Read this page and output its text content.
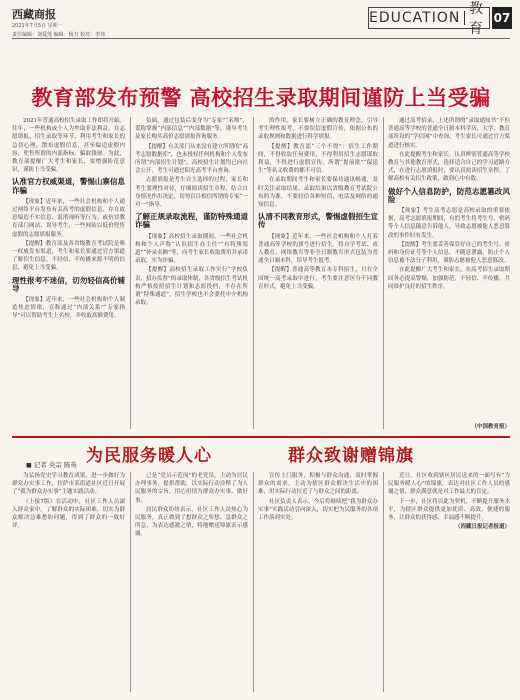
西藏商报
2021年7月5日 星期一
责任编辑：刘爱莲 编辑：杨丑 校对：李伟
EDUCATION
教育
07
教育部发布预警 高校招生录取期间谨防上当受骗

2021年普通高校招生录取工作即将开始。往年，一些机构或个人为牟取非法利益，在志愿填报、招生录取等环节，利用考生和家长的急切心理，散布虚假信息，甚至编造虚假内容，兜售所谓的内部指标，骗取钱财。为此，教育部提醒广大考生和家长，要增强防范意识，谨防上当受骗。

认准官方权威渠道，警惕山寨信息诈骗

【现象】近年来，一些社会机构和个人通过网络平台发布有关高考的虚假信息，存在故意编造不实信息、混淆视听等行为。或仿冒教育部门网站、误导考生，一些网站以低价兜售虚假的志愿填报服务。

【提醒】教育部及各省级教育考试院是唯一权威发布渠道，考生和家长要通过官方渠道了解招生信息，不轻信、不传播来源不明的信息，避免上当受骗。

理性报考不迷信，切勿轻信高价辅导

【现象】近年来，一些社会机构和个人制造焦虑情绪，宣称通过“内部关系”“专家指导”可以帮助考生上名校，并收取高额费用。

负面，通过包装后变身为“专家”“名师”，谎称掌握“内部信息”“内部数据”等，诱导考生及家长购买高价志愿填报咨询服务。

【提醒】有关部门从来没有建立所谓的“高考志愿数据库”，也未授权任何机构和个人发布所谓“内部招生计划”。高校招生计划均已向社会公开，考生可通过阳光高考平台查询。

志愿填报是考生自主选择的过程，家长和考生要理性对待，仔细阅读招生章程，结合自身情况作出决定，切勿盲目相信所谓的专家“一对一”指导。

了解正规录取流程，谨防特殊通道诈骗

【现象】高校招生录取期间，一些社会机构和个人声称“认识招生办主任”“有特殊渠道”“补录名额”等，向考生家长收取费用并承诺录取，实为诈骗。

【提醒】高校招生录取工作实行“学校负责、招办监督”的录取体制，各省级招生考试机构严格按照招生计划和志愿投档，不存在所谓“特殊通道”，招生学校也不会委托中介机构录取。

的作用，家长要树立正确的教育理念，引导考生理性报考，不要误信虚假宣传，依据公布的录取规则和数据进行科学填报。

【提醒】教育部“三个不得”：招生工作期间，不得收取任何费用，不得利用招生志愿谋取利益，不得进行虚假宣传。所谓“提前批”“保送生”等名义收费的都不可信。

在录取期间考生和家长要保持通讯畅通，及时关注录取结果，录取结果以省级教育考试院公布的为准，不要轻信各种短信、电话及网络的通知信息。

认清不同教育形式，警惕虚假招生宣传

【现象】近年来，一些社会机构和个人打着普通高等学校的旗号进行招生，将自学考试、成人教育、网络教育等非全日制教育形式包装为普通全日制本科，误导考生报考。

【提醒】普通高等教育本专科招生，只在全国统一高考录取中进行，考生要注意区分不同教育形式，避免上当受骗。

通过高考招录。上述所谓的“录取通知书”不但普通高等学校的普通全日制本科学历，大学、教育部所设的“学信网”中查询，考生家长可通过官方渠道进行核实。

在此提醒考生和家长，认真辨别普通高等学校教育与其他教育形式，选择适合自己的学习道路方式，在进行志愿填报时，要认真阅读招生章程，了解高校有关招生政策，做到心中有数。

做好个人信息防护，防范志愿篡改风险

【现象】考生高考志愿是高校录取的重要依据，高考志愿填报期间，有的考生将考生号、密码等个人信息随意告诉他人，导致志愿被他人恶意篡改的事件时有发生。

【提醒】考生要妥善保管好自己的考生号、密码和身份证号等个人信息，不随意泄露，防止个人信息被不法分子利用，谨防志愿被他人恶意篡改。

在此提醒广大考生和家长，在高考招生录取期间务必提高警惕，加强防范，不轻信、不传播，共同维护良好的招生秩序。

（中国教育报）
为民服务暖人心	群众致谢赠锦旗
■ 记者 央宗 陈英

为弘扬党史学习教育成果，进一步做好为群众办实事工作，拉萨市某街道社区近日开展了“我为群众办实事”主题实践活动。

（上接7版）在活动中，社区工作人员深入群众家中，了解群众的实际困难，切实为群众解决急难愁盼问题，得到了群众的一致好评。

已是“党员示范岗”的老党员，主动为居民办理事务，提供帮助，以实际行动诠释了为人民服务的宗旨，用心用情为群众办实事、做好事。

居民群众纷纷表示，社区工作人员热心为民服务，真正做到了想群众之所想、急群众之所急，为表达感激之情，特地赠送锦旗表示感谢。

宣传上门服务，积极与群众沟通，及时掌握群众的需求，主动为辖区群众解决生活中的困难，用实际行动拉近了与群众之间的距离。

社区负责人表示，今后将继续把“我为群众办实事”实践活动引向深入，切实把为民服务的各项工作落到实处。

近日，社区收到辖区居民送来的一面写有“为民服务暖人心”的锦旗，表达对社区工作人员的感谢之情，群众满意就是对工作最大的肯定。

下一步，社区将以此为契机，不断提升服务水平，为辖区群众提供更加优质、高效、便捷的服务，让群众的获得感、幸福感不断提升。

（西藏日报记者报道）
